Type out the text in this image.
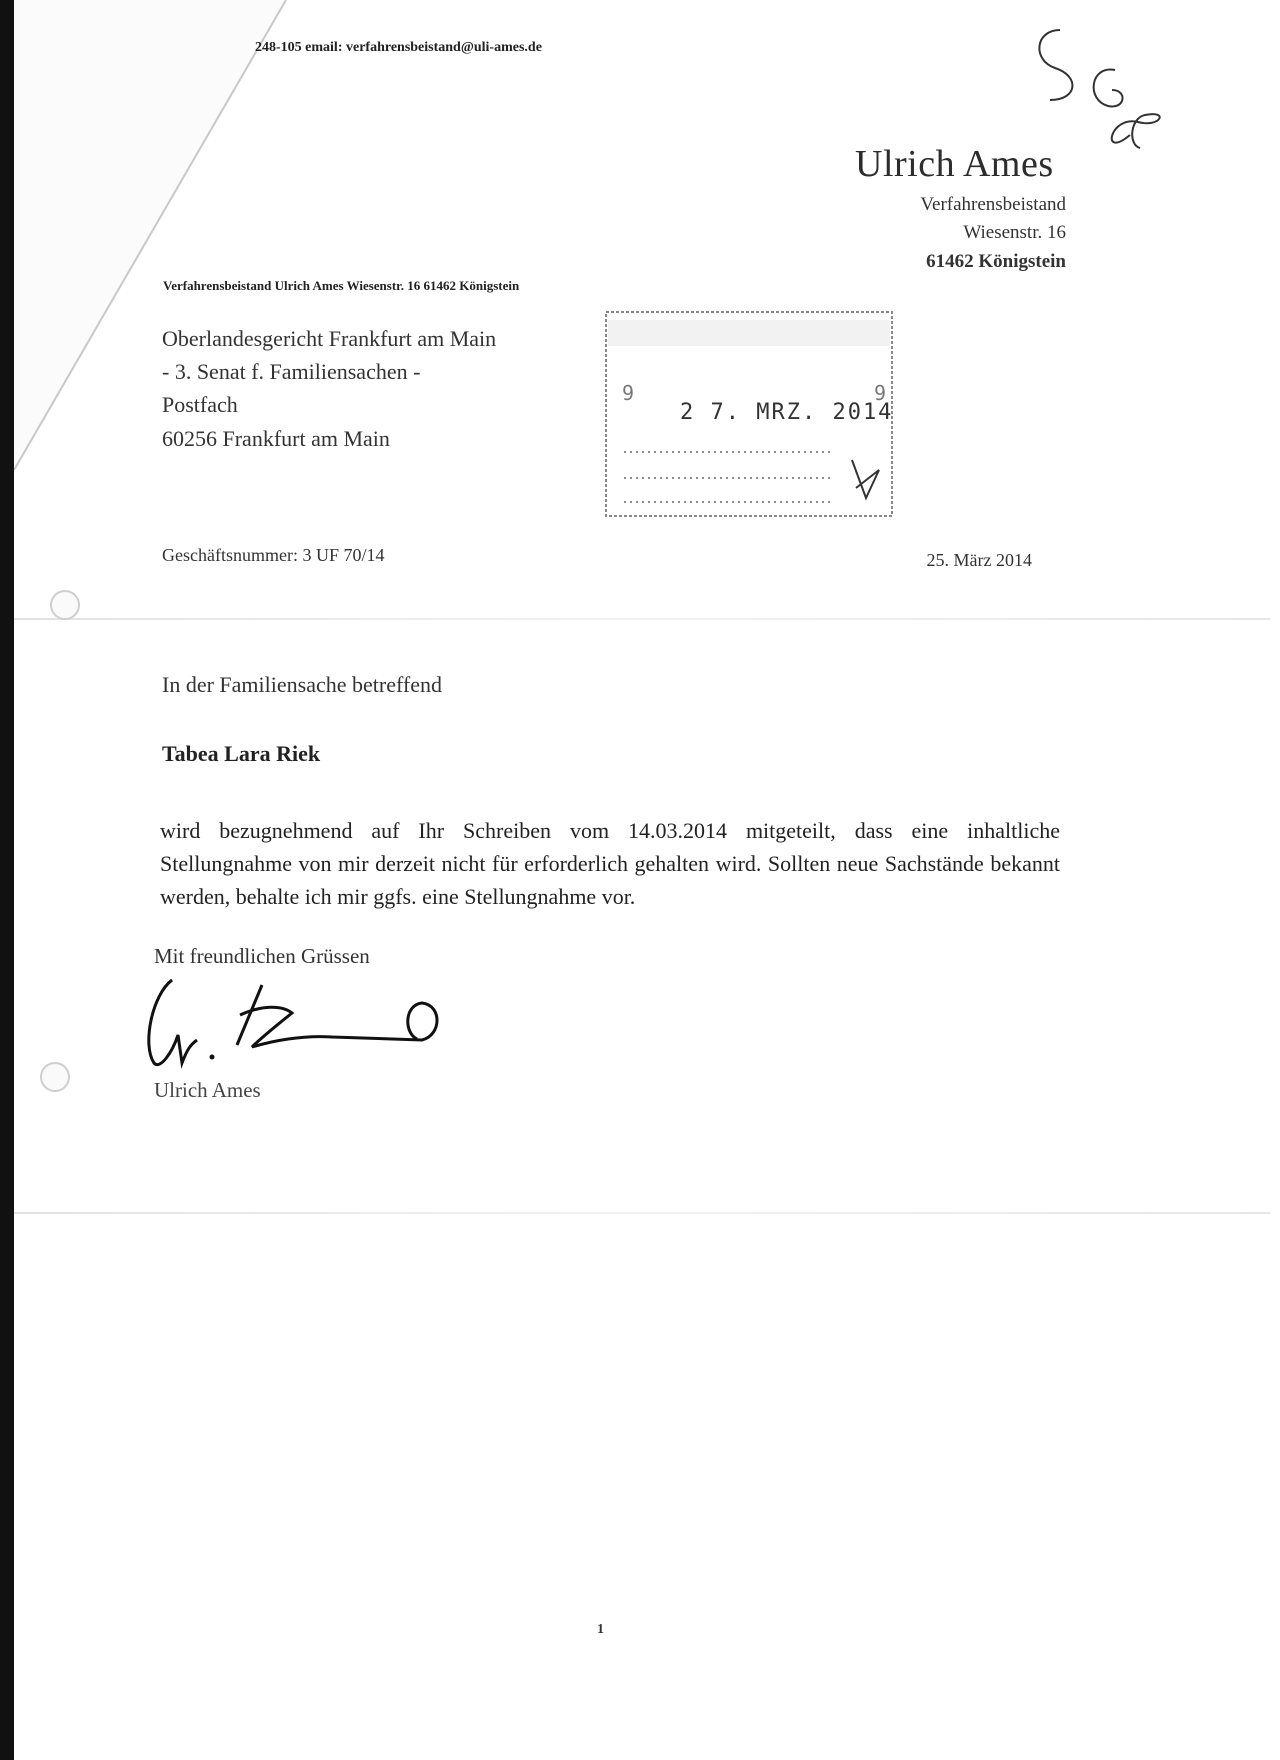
248-105 email: verfahrensbeistand@uli-ames.de
Ulrich Ames
Verfahrensbeistand
Wiesenstr. 16
61462 Königstein
Verfahrensbeistand Ulrich Ames Wiesenstr. 16 61462 Königstein
Oberlandesgericht Frankfurt am Main
- 3. Senat f. Familiensachen -
Postfach
60256 Frankfurt am Main
9	9
2 7. MRZ. 2014
Geschäftsnummer: 3 UF 70/14	25. März 2014
In der Familiensache betreffend
Tabea Lara Riek
wird bezugnehmend auf Ihr Schreiben vom 14.03.2014 mitgeteilt, dass eine inhaltliche Stellungnahme von mir derzeit nicht für erforderlich gehalten wird. Sollten neue Sachstände bekannt werden, behalte ich mir ggfs. eine Stellungnahme vor.
Mit freundlichen Grüssen
Ulrich Ames
1
